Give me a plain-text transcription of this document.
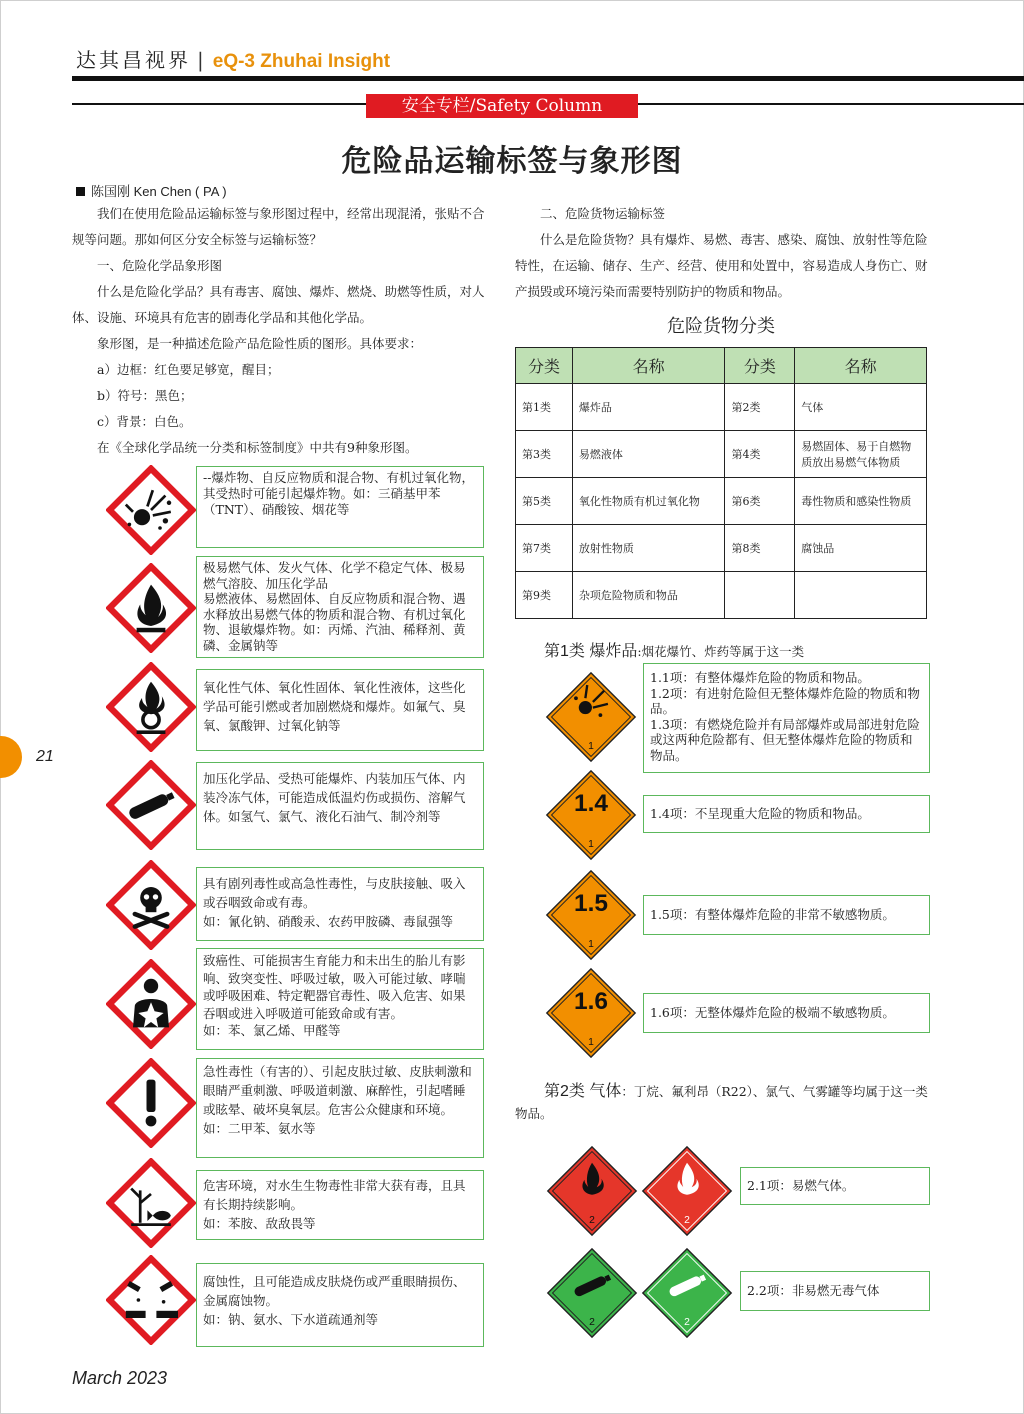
达其昌视界 | eQ-3 Zhuhai Insight
安全专栏/Safety Column
危险品运输标签与象形图
陈国刚 Ken Chen ( PA )
我们在使用危险品运输标签与象形图过程中，经常出现混淆，张贴不合规等问题。那如何区分安全标签与运输标签？
一、危险化学品象形图
什么是危险化学品？具有毒害、腐蚀、爆炸、燃烧、助燃等性质，对人体、设施、环境具有危害的剧毒化学品和其他化学品。
象形图，是一种描述危险产品危险性质的图形。具体要求：
a）边框：红色要足够宽，醒目；
b）符号：黑色；
c）背景：白色。
在《全球化学品统一分类和标签制度》中共有9种象形图。
--爆炸物、自反应物质和混合物、有机过氧化物，其受热时可能引起爆炸物。如：三硝基甲苯（TNT）、硝酸铵、烟花等
极易燃气体、发火气体、化学不稳定气体、极易燃气溶胶、加压化学品
易燃液体、易燃固体、自反应物质和混合物、遇水释放出易燃气体的物质和混合物、有机过氧化物、退敏爆炸物。如：丙烯、汽油、稀释剂、黄磷、金属钠等
氧化性气体、氧化性固体、氧化性液体，这些化学品可能引燃或者加剧燃烧和爆炸。如氟气、臭氧、氯酸钾、过氧化钠等
加压化学品、受热可能爆炸、内装加压气体、内装冷冻气体，可能造成低温灼伤或损伤、溶解气体。如氢气、氯气、液化石油气、制冷剂等
具有剧列毒性或高急性毒性，与皮肤接触、吸入或吞咽致命或有毒。
如：氰化钠、硝酸汞、农药甲胺磷、毒鼠强等
致癌性、可能损害生育能力和未出生的胎儿有影响、致突变性、呼吸过敏，吸入可能过敏、哮喘或呼吸困难、特定靶器官毒性、吸入危害、如果吞咽或进入呼吸道可能致命或有害。
如：苯、氯乙烯、甲醛等
急性毒性（有害的）、引起皮肤过敏、皮肤刺激和眼睛严重刺激、呼吸道刺激、麻醉性，引起嗜睡或眩晕、破坏臭氧层。危害公众健康和环境。
如：二甲苯、氨水等
危害环境，对水生生物毒性非常大获有毒，且具有长期持续影响。
如：苯胺、敌敌畏等
腐蚀性，且可能造成皮肤烧伤或严重眼睛损伤、金属腐蚀物。
如：钠、氨水、下水道疏通剂等
二、危险货物运输标签
什么是危险货物？具有爆炸、易燃、毒害、感染、腐蚀、放射性等危险特性，在运输、储存、生产、经营、使用和处置中，容易造成人身伤亡、财产损毁或环境污染而需要特别防护的物质和物品。
危险货物分类
分类	名称	分类	名称
第1类	爆炸品	第2类	气体
第3类	易燃液体	第4类	易燃固体、易于自燃物质放出易燃气体物质
第5类	氧化性物质有机过氧化物	第6类	毒性物质和感染性物质
第7类	放射性物质	第8类	腐蚀品
第9类	杂项危险物质和物品		
第1类 爆炸品:烟花爆竹、炸药等属于这一类
1
1.4
1
1.5
1
1.6
1
1.1项：有整体爆炸危险的物质和物品。
1.2项：有进射危险但无整体爆炸危险的物质和物品。
1.3项：有燃烧危险并有局部爆炸或局部进射危险或这两种危险都有、但无整体爆炸危险的物质和物品。
1.4项：不呈现重大危险的物质和物品。
1.5项：有整体爆炸危险的非常不敏感物质。
1.6项：无整体爆炸危险的极端不敏感物质。
第2类 气体：丁烷、氟利昂（R22）、氯气、气雾罐等均属于这一类物品。
2	2
2	2
2.1项：易燃气体。
2.2项：非易燃无毒气体
21
March 2023
